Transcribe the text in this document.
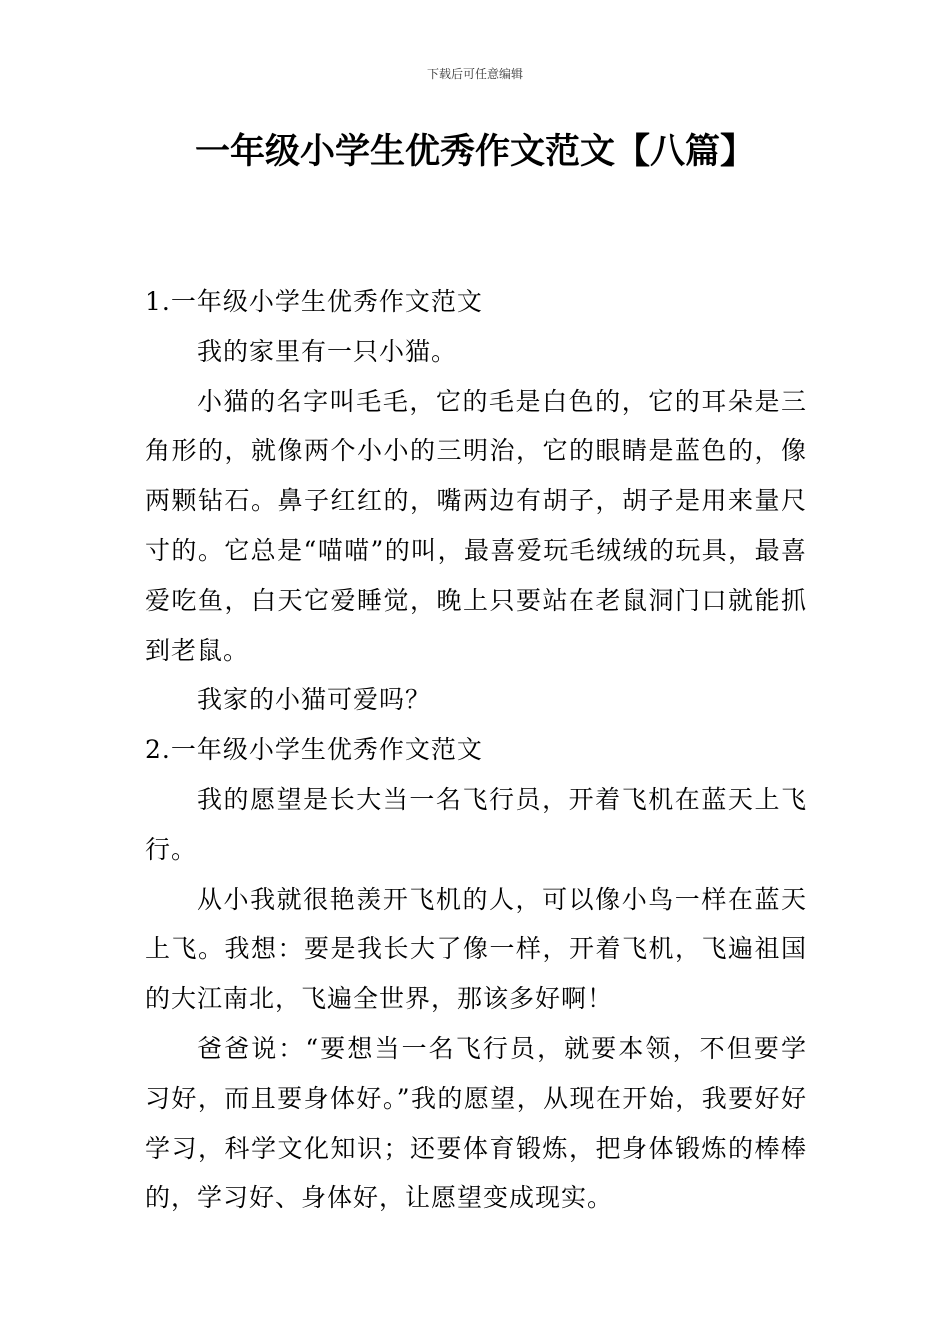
下载后可任意编辑
一年级小学生优秀作文范文【八篇】

1.一年级小学生优秀作文范文

我的家里有一只小猫。

小猫的名字叫毛毛，它的毛是白色的，它的耳朵是三角形的，就像两个小小的三明治，它的眼睛是蓝色的，像两颗钻石。鼻子红红的，嘴两边有胡子，胡子是用来量尺寸的。它总是“喵喵”的叫，最喜爱玩毛绒绒的玩具，最喜爱吃鱼，白天它爱睡觉，晚上只要站在老鼠洞门口就能抓到老鼠。

我家的小猫可爱吗？

2.一年级小学生优秀作文范文

我的愿望是长大当一名飞行员，开着飞机在蓝天上飞行。

从小我就很艳羡开飞机的人，可以像小鸟一样在蓝天上飞。我想：要是我长大了像一样，开着飞机，飞遍祖国的大江南北，飞遍全世界，那该多好啊！

爸爸说：“要想当一名飞行员，就要本领，不但要学习好，而且要身体好。”我的愿望，从现在开始，我要好好学习，科学文化知识；还要体育锻炼，把身体锻炼的棒棒的，学习好、身体好，让愿望变成现实。
